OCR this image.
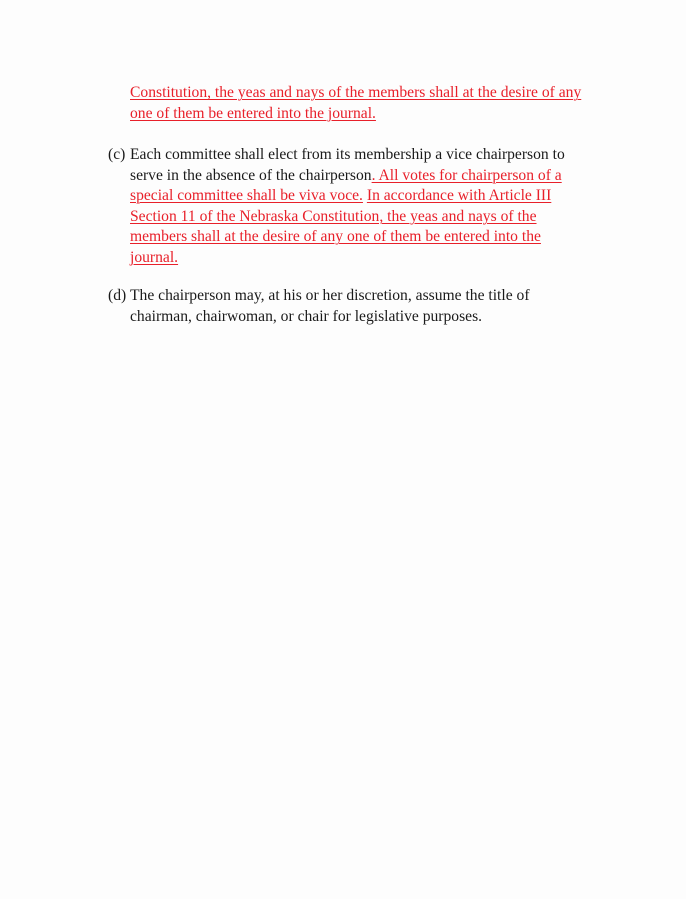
Constitution, the yeas and nays of the members shall at the desire of any
one of them be entered into the journal.
(c) Each committee shall elect from its membership a vice chairperson to
serve in the absence of the chairperson. All votes for chairperson of a
special committee shall be viva voce. In accordance with Article III
Section 11 of the Nebraska Constitution, the yeas and nays of the
members shall at the desire of any one of them be entered into the
journal.
(d) The chairperson may, at his or her discretion, assume the title of
chairman, chairwoman, or chair for legislative purposes.
